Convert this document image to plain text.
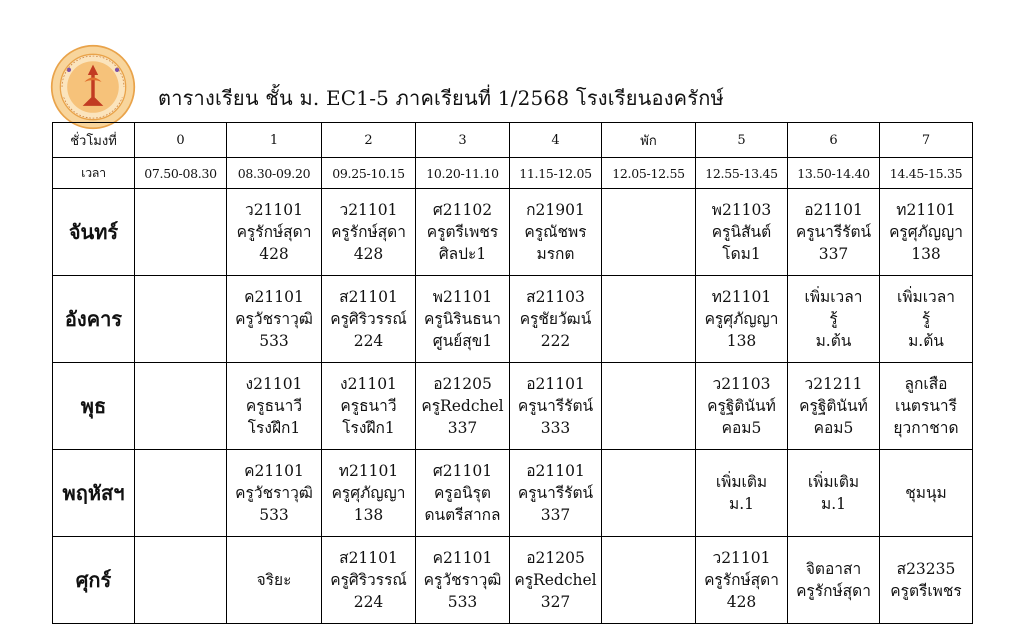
ตารางเรียน ชั้น ม. EC1-5 ภาคเรียนที่ 1/2568 โรงเรียนองครักษ์
ชั่วโมงที่	0	1	2	3	4	พัก	5	6	7
เวลา	07.50-08.30	08.30-09.20	09.25-10.15	10.20-11.10	11.15-12.05	12.05-12.55	12.55-13.45	13.50-14.40	14.45-15.35
จันทร์		ว21101
ครูรักษ์สุดา
428	ว21101
ครูรักษ์สุดา
428	ศ21102
ครูตรีเพชร
ศิลปะ1	ก21901
ครูณัชพร
มรกต		พ21103
ครูนิสันต์
โดม1	อ21101
ครูนารีรัตน์
337	ท21101
ครูศุภัญญา
138

อังคาร		ค21101
ครูวัชราวุฒิ
533	ส21101
ครูศิริวรรณ์
224	พ21101
ครูนิรินธนา
ศูนย์สุข1	ส21103
ครูชัยวัฒน์
222		ท21101
ครูศุภัญญา
138	เพิ่มเวลา
รู้
ม.ต้น	เพิ่มเวลา
รู้
ม.ต้น

พุธ		ง21101
ครูธนาวี
โรงฝึก1	ง21101
ครูธนาวี
โรงฝึก1	อ21205
ครูRedchel
337	อ21101
ครูนารีรัตน์
333		ว21103
ครูฐิตินันท์
คอม5	ว21211
ครูฐิตินันท์
คอม5	ลูกเสือ
เนตรนารี
ยุวกาชาด

พฤหัสฯ		ค21101
ครูวัชราวุฒิ
533	ท21101
ครูศุภัญญา
138	ศ21101
ครูอนิรุต
ดนตรีสากล	อ21101
ครูนารีรัตน์
337		เพิ่มเติม
ม.1	เพิ่มเติม
ม.1	ชุมนุม

ศุกร์		จริยะ	ส21101
ครูศิริวรรณ์
224	ค21101
ครูวัชราวุฒิ
533	อ21205
ครูRedchel
327		ว21101
ครูรักษ์สุดา
428	จิตอาสา
ครูรักษ์สุดา	ส23235
ครูตรีเพชร
